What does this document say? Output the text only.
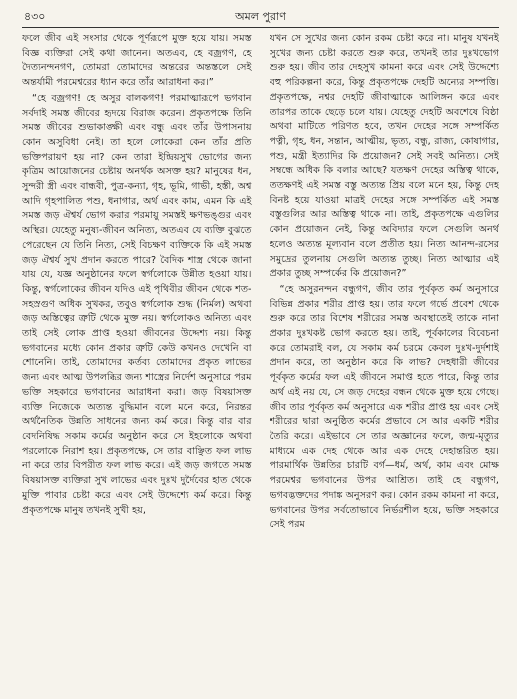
৪৩০	অমল পুরাণ

ফলে জীব এই সংসার থেকে পূর্ণরূপে মুক্ত হয়ে যায়। সমস্ত বিজ্ঞ ব্যক্তিরা সেই কথা জানেন। অতএব, হে বজ্রগণ, হে দৈত্যনন্দনগণ, তোমরা তোমাদের অন্তরের অন্তস্তলে সেই অন্তর্যামী পরমেশ্বরের ধ্যান করে তাঁর আরাধনা কর।”

“হে বজ্রগণ! হে অসুর বালকগণ! পরমাত্মারূপে ভগবান সর্বদাই সমস্ত জীবের হৃদয়ে বিরাজ করেন। প্রকৃতপক্ষে তিনি সমস্ত জীবের শুভাকাঙ্ক্ষী এবং বন্ধু এবং তাঁর উপাসনায় কোন অসুবিধা নেই। তা হলে লোকেরা কেন তাঁর প্রতি ভক্তিপরায়ণ হয় না? কেন তারা ইন্দ্রিয়সুখ ভোগের জন্য কৃত্রিম আয়োজনের চেষ্টায় অনর্থক অসক্ত হয়? মানুষের ধন, সুন্দরী স্ত্রী এবং বান্ধবী, পুত্র-কন্যা, গৃহ, ভূমি, গাভী, হস্তী, অশ্ব আদি গৃহপালিত পশু, ধনাগার, অর্থ এবং কাম, এমন কি এই সমস্ত জড় ঐশ্বর্য ভোগ করার পরমায়ু সমস্তই ক্ষণভঙ্গুর এবং অস্থির। যেহেতু মনুষ্য-জীবন অনিত্য, অতএব যে ব্যক্তি বুঝতে পেরেছেন যে তিনি নিত্য, সেই বিচক্ষণ ব্যক্তিকে কি এই সমস্ত জড় ঐশ্বর্য সুখ প্রদান করতে পারে? বৈদিক শাস্ত্র থেকে জানা যায় যে, যজ্ঞ অনুষ্ঠানের ফলে স্বর্গলোকে উন্নীত হওয়া যায়। কিন্তু, স্বর্গলোকের জীবন যদিও এই পৃথিবীর জীবন থেকে শত-সহস্রগুণ অধিক সুখকর, তবুও স্বর্গলোক শুদ্ধ (নির্মল) অথবা জড় অস্তিত্বের ত্রুটি থেকে মুক্ত নয়। স্বর্গলোকও অনিত্য এবং তাই সেই লোক প্রাপ্ত হওয়া জীবনের উদ্দেশ্য নয়। কিন্তু ভগবানের মধ্যে কোন প্রকার ত্রুটি কেউ কখনও দেখেনি বা শোনেনি। তাই, তোমাদের কর্তব্য তোমাদের প্রকৃত লাভের জন্য এবং আত্ম উপলব্ধির জন্য শাস্ত্রের নির্দেশ অনুসারে পরম ভক্তি সহকারে ভগবানের আরাধনা করা। জড় বিষয়াসক্ত ব্যক্তি নিজেকে অত্যন্ত বুদ্ধিমান বলে মনে করে, নিরন্তর অর্থনৈতিক উন্নতি সাধনের জন্য কর্ম করে। কিন্তু বার বার বেদনিষিদ্ধ সকাম কর্মের অনুষ্ঠান করে সে ইহলোকে অথবা পরলোকে নিরাশ হয়। প্রকৃতপক্ষে, সে তার বাঞ্ছিত ফল লাভ না করে তার বিপরীত ফল লাভ করে। এই জড় জগতে সমস্ত বিষয়াসক্ত ব্যক্তিরা সুখ লাভের এবং দুঃখ দুর্দৈবের হাত থেকে মুক্তি পাবার চেষ্টা করে এবং সেই উদ্দেশ্যে কর্ম করে। কিন্তু প্রকৃতপক্ষে মানুষ তখনই সুখী হয়,

যখন সে সুখের জন্য কোন রকম চেষ্টা করে না। মানুষ যখনই সুখের জন্য চেষ্টা করতে শুরু করে, তখনই তার দুঃখভোগ শুরু হয়। জীব তার দেহসুখ কামনা করে এবং সেই উদ্দেশ্যে বহু পরিকল্পনা করে, কিন্তু প্রকৃতপক্ষে দেহটি অন্যের সম্পত্তি। প্রকৃতপক্ষে, নশ্বর দেহটি জীবাত্মাকে আলিঙ্গন করে এবং তারপর তাকে ছেড়ে চলে যায়। যেহেতু দেহটি অবশেষে বিষ্ঠা অথবা মাটিতে পরিণত হবে, তখন দেহের সঙ্গে সম্পর্কিত পত্নী, গৃহ, ধন, সন্তান, আত্মীয়, ভৃত্য, বন্ধু, রাজ্য, কোষাগার, পশু, মন্ত্রী ইত্যাদির কি প্রয়োজন? সেই সবই অনিত্য। সেই সম্বন্ধে অধিক কি বলার আছে? যতক্ষণ দেহের অস্তিত্ব থাকে, ততক্ষণই এই সমস্ত বস্তু অত্যন্ত প্রিয় বলে মনে হয়, কিন্তু দেহ বিনষ্ট হয়ে যাওয়া মাত্রই দেহের সঙ্গে সম্পর্কিত এই সমস্ত বস্তুগুলির আর অস্তিত্ব থাকে না। তাই, প্রকৃতপক্ষে এগুলির কোন প্রয়োজন নেই, কিন্তু অবিদ্যার ফলে সেগুলি অনর্থ হলেও অত্যন্ত মূল্যবান বলে প্রতীত হয়। নিত্য আনন্দ-রসের সমুদ্রের তুলনায় সেগুলি অত্যন্ত তুচ্ছ। নিত্য আত্মার এই প্রকার তুচ্ছ সম্পর্কের কি প্রয়োজন?”

“হে অসুরনন্দন বন্ধুগণ, জীব তার পূর্বকৃত কর্ম অনুসারে বিভিন্ন প্রকার শরীর প্রাপ্ত হয়। তার ফলে গর্ভে প্রবেশ থেকে শুরু করে তার বিশেষ শরীরের সমস্ত অবস্থাতেই তাকে নানা প্রকার দুঃখকষ্ট ভোগ করতে হয়। তাই, পূর্বকালের বিবেচনা করে তোমরাই বল, যে সকাম কর্ম চরমে কেবল দুঃখ-দুর্দশাই প্রদান করে, তা অনুষ্ঠান করে কি লাভ? দেহধারী জীবের পূর্বকৃত কর্মের ফল এই জীবনে সমাপ্ত হতে পারে, কিন্তু তার অর্থ এই নয় যে, সে জড় দেহের বন্ধন থেকে মুক্ত হয়ে গেছে। জীব তার পূর্বকৃত কর্ম অনুসারে এক শরীর প্রাপ্ত হয় এবং সেই শরীরের দ্বারা অনুষ্ঠিত কর্মের প্রভাবে সে আর একটি শরীর তৈরি করে। এইভাবে সে তার অজ্ঞানের ফলে, জন্ম-মৃত্যুর মাধ্যমে এক দেহ থেকে আর এক দেহে দেহান্তরিত হয়। পারমার্থিক উন্নতির চারটি বর্গ—ধর্ম, অর্থ, কাম এবং মোক্ষ পরমেশ্বর ভগবানের উপর আশ্রিত। তাই হে বন্ধুগণ, ভগবদ্ভক্তদের পদাঙ্ক অনুসরণ কর। কোন রকম কামনা না করে, ভগবানের উপর সর্বতোভাবে নির্ভরশীল হয়ে, ভক্তি সহকারে সেই পরম
